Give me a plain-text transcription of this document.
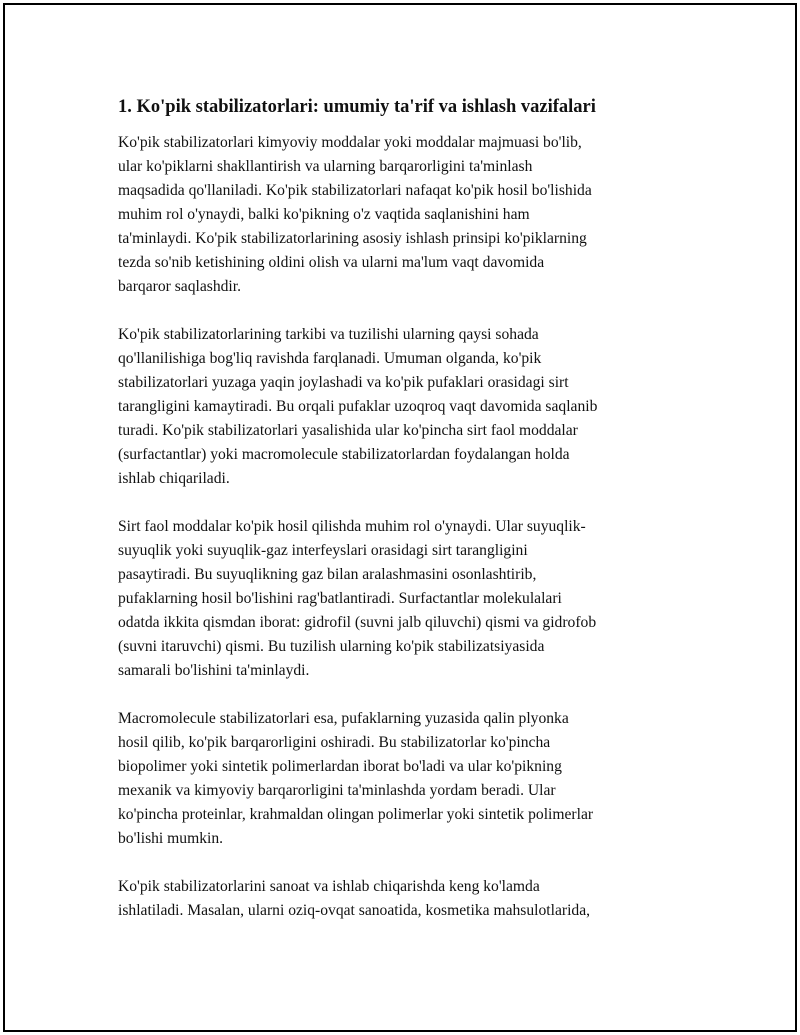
1. Ko'pik stabilizatorlari: umumiy ta'rif va ishlash vazifalari
Ko'pik stabilizatorlari kimyoviy moddalar yoki moddalar majmuasi bo'lib,
ular ko'piklarni shakllantirish va ularning barqarorligini ta'minlash
maqsadida qo'llaniladi. Ko'pik stabilizatorlari nafaqat ko'pik hosil bo'lishida
muhim rol o'ynaydi, balki ko'pikning o'z vaqtida saqlanishini ham
ta'minlaydi. Ko'pik stabilizatorlarining asosiy ishlash prinsipi ko'piklarning
tezda so'nib ketishining oldini olish va ularni ma'lum vaqt davomida
barqaror saqlashdir.
Ko'pik stabilizatorlarining tarkibi va tuzilishi ularning qaysi sohada
qo'llanilishiga bog'liq ravishda farqlanadi. Umuman olganda, ko'pik
stabilizatorlari yuzaga yaqin joylashadi va ko'pik pufaklari orasidagi sirt
tarangligini kamaytiradi. Bu orqali pufaklar uzoqroq vaqt davomida saqlanib
turadi. Ko'pik stabilizatorlari yasalishida ular ko'pincha sirt faol moddalar
(surfactantlar) yoki macromolecule stabilizatorlardan foydalangan holda
ishlab chiqariladi.
Sirt faol moddalar ko'pik hosil qilishda muhim rol o'ynaydi. Ular suyuqlik-
suyuqlik yoki suyuqlik-gaz interfeyslari orasidagi sirt tarangligini
pasaytiradi. Bu suyuqlikning gaz bilan aralashmasini osonlashtirib,
pufaklarning hosil bo'lishini rag'batlantiradi. Surfactantlar molekulalari
odatda ikkita qismdan iborat: gidrofil (suvni jalb qiluvchi) qismi va gidrofob
(suvni itaruvchi) qismi. Bu tuzilish ularning ko'pik stabilizatsiyasida
samarali bo'lishini ta'minlaydi.
Macromolecule stabilizatorlari esa, pufaklarning yuzasida qalin plyonka
hosil qilib, ko'pik barqarorligini oshiradi. Bu stabilizatorlar ko'pincha
biopolimer yoki sintetik polimerlardan iborat bo'ladi va ular ko'pikning
mexanik va kimyoviy barqarorligini ta'minlashda yordam beradi. Ular
ko'pincha proteinlar, krahmaldan olingan polimerlar yoki sintetik polimerlar
bo'lishi mumkin.
Ko'pik stabilizatorlarini sanoat va ishlab chiqarishda keng ko'lamda
ishlatiladi. Masalan, ularni oziq-ovqat sanoatida, kosmetika mahsulotlarida,
